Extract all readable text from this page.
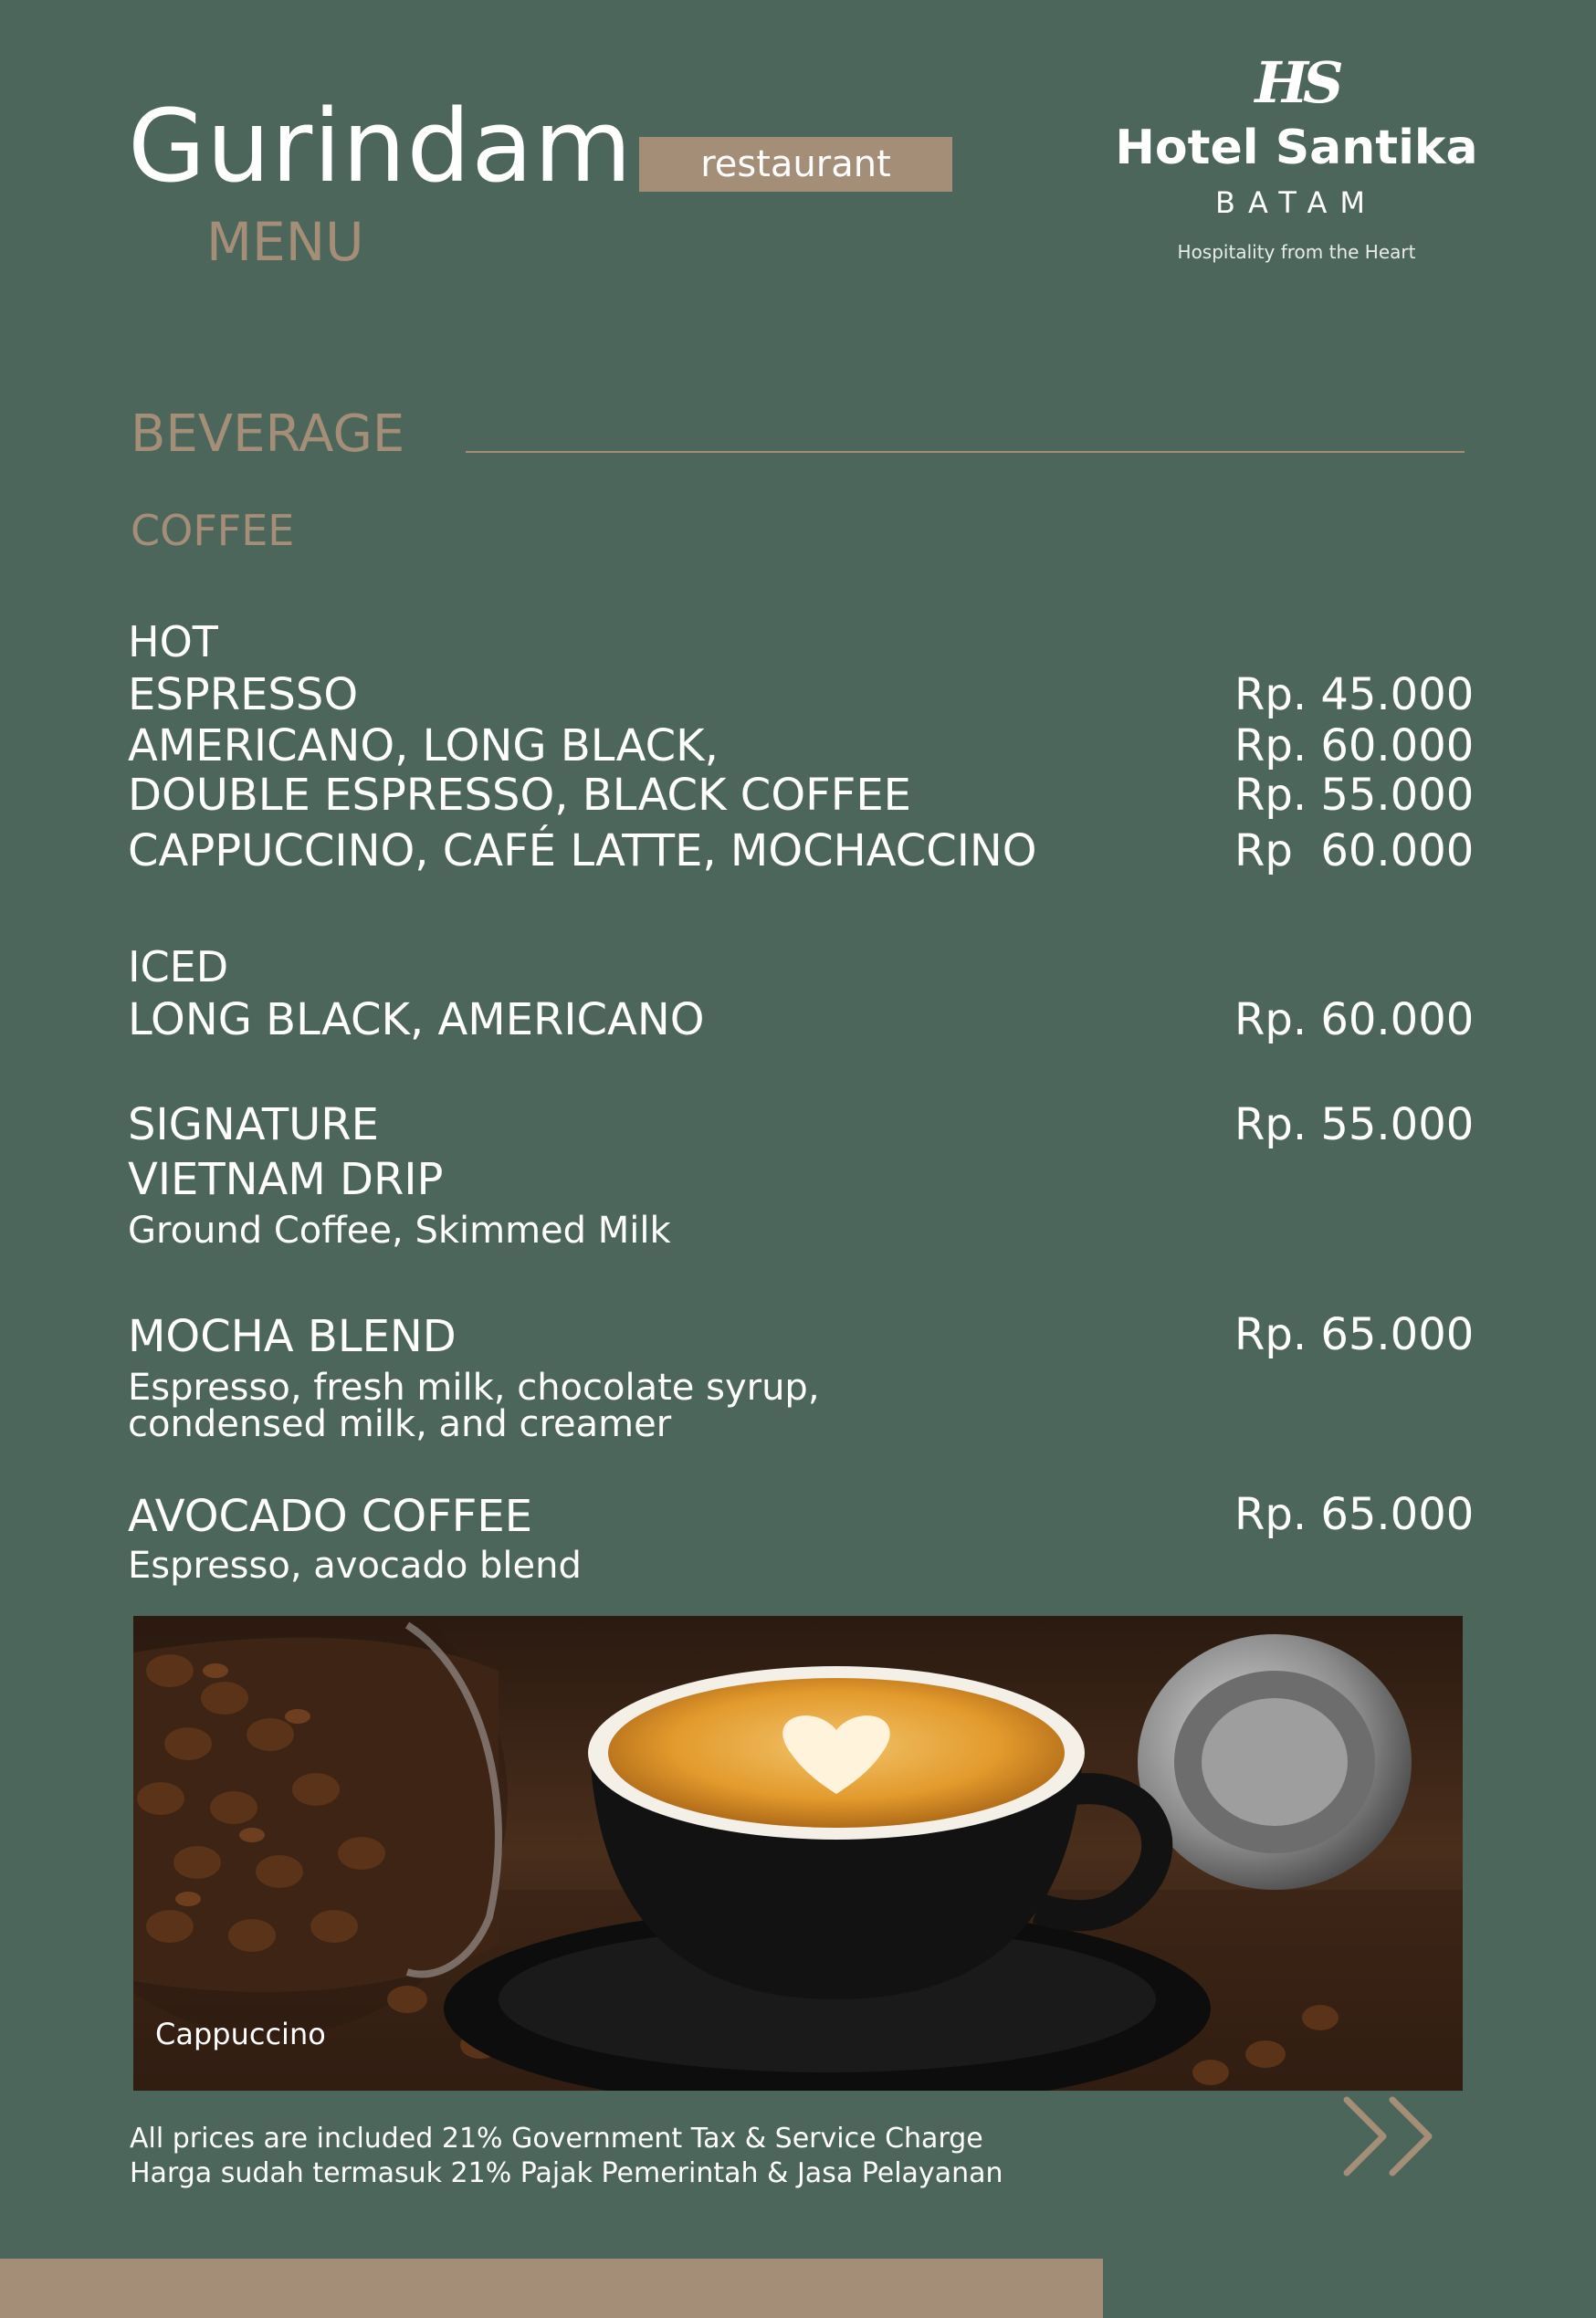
Gurindam
MENU
restaurant
HS
Hotel Santika
BATAM
Hospitality from the Heart
BEVERAGE
COFFEE
HOT
ESPRESSO	Rp. 45.000
AMERICANO, LONG BLACK,	Rp. 60.000
DOUBLE ESPRESSO, BLACK COFFEE	Rp. 55.000
CAPPUCCINO, CAFÉ LATTE, MOCHACCINO	Rp  60.000
ICED
LONG BLACK, AMERICANO	Rp. 60.000
SIGNATURE	Rp. 55.000
VIETNAM DRIP
Ground Coffee, Skimmed Milk
MOCHA BLEND	Rp. 65.000
Espresso, fresh milk, chocolate syrup,
condensed milk, and creamer
AVOCADO COFFEE	Rp. 65.000
Espresso, avocado blend
Cappuccino
All prices are included 21% Government Tax & Service Charge
Harga sudah termasuk 21% Pajak Pemerintah & Jasa Pelayanan
